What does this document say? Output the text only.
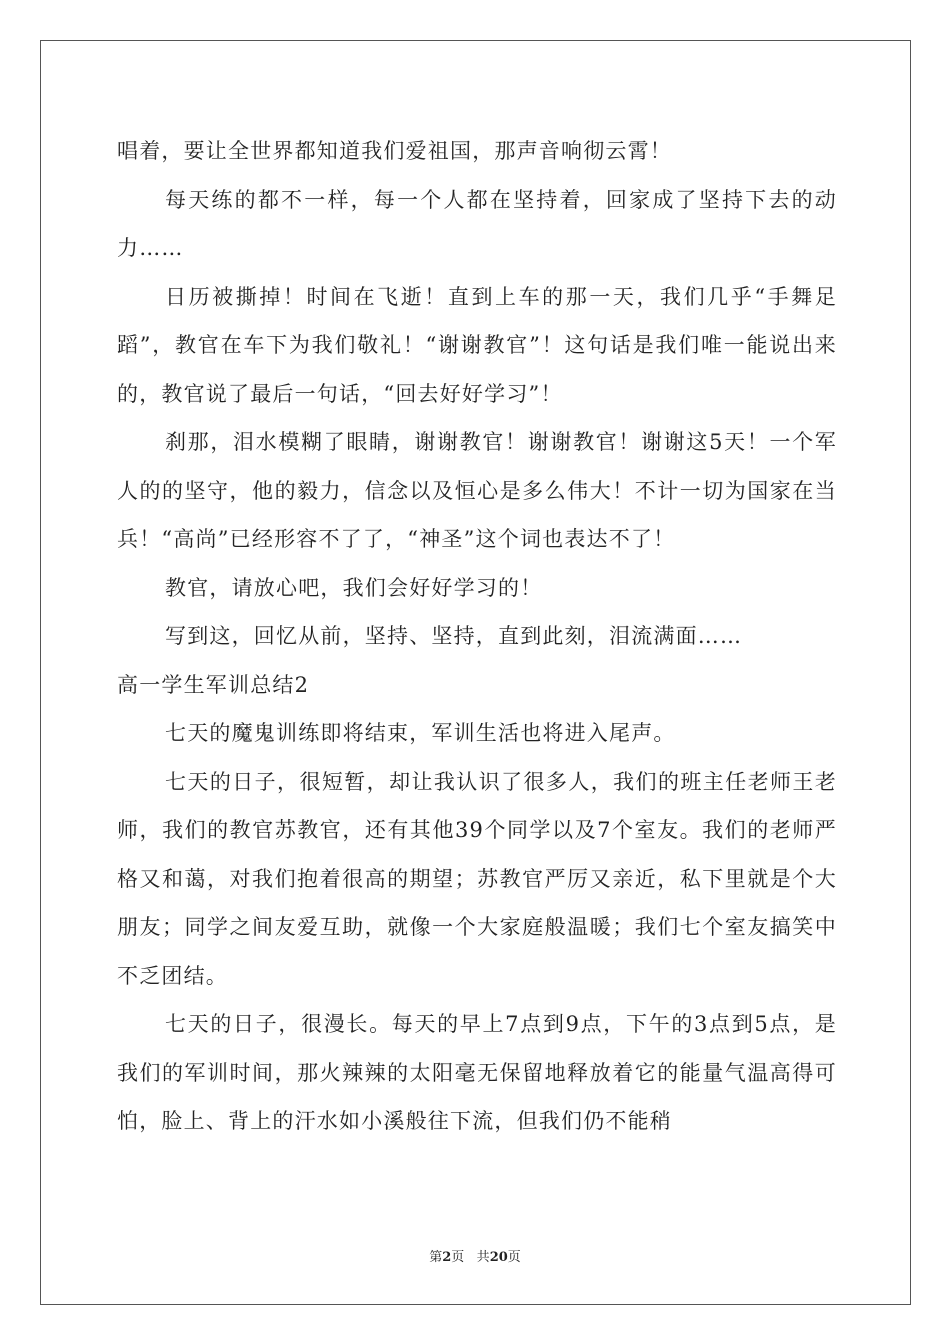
唱着，要让全世界都知道我们爱祖国，那声音响彻云霄！

每天练的都不一样，每一个人都在坚持着，回家成了坚持下去的动力……

日历被撕掉！时间在飞逝！直到上车的那一天，我们几乎“手舞足蹈”，教官在车下为我们敬礼！“谢谢教官”！这句话是我们唯一能说出来的，教官说了最后一句话，“回去好好学习”！

刹那，泪水模糊了眼睛，谢谢教官！谢谢教官！谢谢这5天！一个军人的的坚守，他的毅力，信念以及恒心是多么伟大！不计一切为国家在当兵！“高尚”已经形容不了了，“神圣”这个词也表达不了！

教官，请放心吧，我们会好好学习的！

写到这，回忆从前，坚持、坚持，直到此刻，泪流满面……

高一学生军训总结2

七天的魔鬼训练即将结束，军训生活也将进入尾声。

七天的日子，很短暂，却让我认识了很多人，我们的班主任老师王老师，我们的教官苏教官，还有其他39个同学以及7个室友。我们的老师严格又和蔼，对我们抱着很高的期望；苏教官严厉又亲近，私下里就是个大朋友；同学之间友爱互助，就像一个大家庭般温暖；我们七个室友搞笑中不乏团结。

七天的日子，很漫长。每天的早上7点到9点，下午的3点到5点，是我们的军训时间，那火辣辣的太阳毫无保留地释放着它的能量气温高得可怕，脸上、背上的汗水如小溪般往下流，但我们仍不能稍

第2页 共20页
